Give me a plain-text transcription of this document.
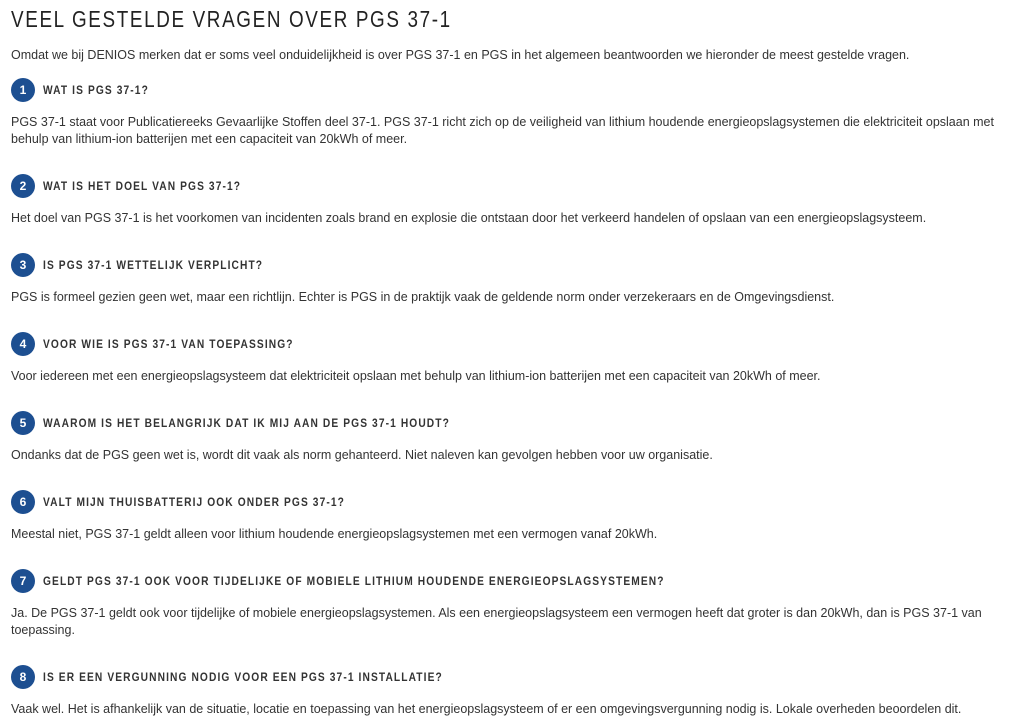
VEEL GESTELDE VRAGEN OVER PGS 37-1

Omdat we bij DENIOS merken dat er soms veel onduidelijkheid is over PGS 37-1 en PGS in het algemeen beantwoorden we hieronder de meest gestelde vragen.

1	WAT IS PGS 37-1?

PGS 37-1 staat voor Publicatiereeks Gevaarlijke Stoffen deel 37-1. PGS 37-1 richt zich op de veiligheid van lithium houdende energieopslagsystemen die elektriciteit opslaan met behulp van lithium-ion batterijen met een capaciteit van 20kWh of meer.

2	WAT IS HET DOEL VAN PGS 37-1?

Het doel van PGS 37-1 is het voorkomen van incidenten zoals brand en explosie die ontstaan door het verkeerd handelen of opslaan van een energieopslagsysteem.

3	IS PGS 37-1 WETTELIJK VERPLICHT?

PGS is formeel gezien geen wet, maar een richtlijn. Echter is PGS in de praktijk vaak de geldende norm onder verzekeraars en de Omgevingsdienst.

4	VOOR WIE IS PGS 37-1 VAN TOEPASSING?

Voor iedereen met een energieopslagsysteem dat elektriciteit opslaan met behulp van lithium-ion batterijen met een capaciteit van 20kWh of meer.

5	WAAROM IS HET BELANGRIJK DAT IK MIJ AAN DE PGS 37-1 HOUDT?

Ondanks dat de PGS geen wet is, wordt dit vaak als norm gehanteerd. Niet naleven kan gevolgen hebben voor uw organisatie.

6	VALT MIJN THUISBATTERIJ OOK ONDER PGS 37-1?

Meestal niet, PGS 37-1 geldt alleen voor lithium houdende energieopslagsystemen met een vermogen vanaf 20kWh.

7	GELDT PGS 37-1 OOK VOOR TIJDELIJKE OF MOBIELE LITHIUM HOUDENDE ENERGIEOPSLAGSYSTEMEN?

Ja. De PGS 37-1 geldt ook voor tijdelijke of mobiele energieopslagsystemen. Als een energieopslagsysteem een vermogen heeft dat groter is dan 20kWh, dan is PGS 37-1 van toepassing.

8	IS ER EEN VERGUNNING NODIG VOOR EEN PGS 37-1 INSTALLATIE?

Vaak wel. Het is afhankelijk van de situatie, locatie en toepassing van het energieopslagsysteem of er een omgevingsvergunning nodig is. Lokale overheden beoordelen dit.
